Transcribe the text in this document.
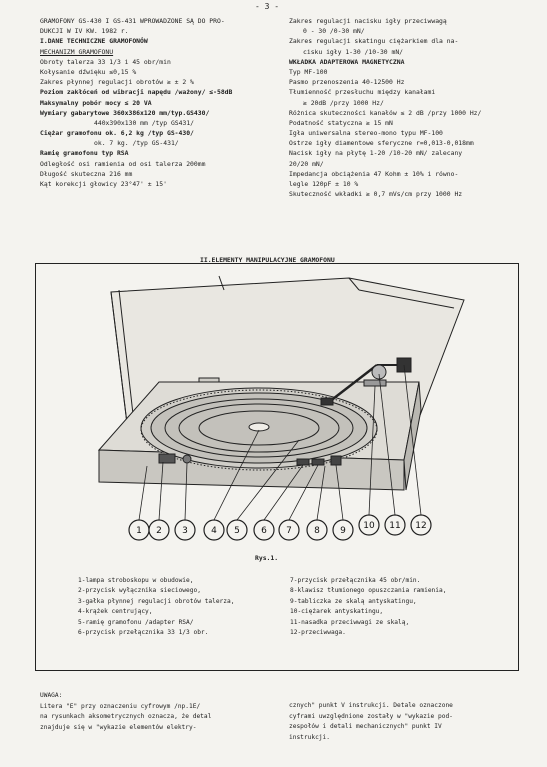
- 3 -
GRAMOFONY GS-430 I GS-431 WPROWADZONE SĄ DO PRO-
DUKCJI W IV KW. 1982 r.
I.DANE TECHNICZNE GRAMOFONÓW
MECHANIZM GRAMOFONU
Obroty talerza 33 1/3 i 45 obr/min
Kołysanie dźwięku ≤0,15 %
Zakres płynnej regulacji obrotów ≥ ± 2 %
Poziom zakłóceń od wibracji napędu /ważony/ ≤-58dB
Maksymalny pobór mocy ≤ 20 VA
Wymiary gabarytowe 360x386x120 mm/typ.GS430/
440x390x130 mm /typ GS431/
Ciężar gramofonu ok. 6,2 kg /typ GS-430/
ok. 7 kg. /typ GS-431/
Ramię gramofonu typ RSA
Odległość osi ramienia od osi talerza 200mm
Długość skuteczna 216 mm
Kąt korekcji głowicy 23°47' ± 15'
Zakres regulacji nacisku igły przeciwwagą
0 - 30 /0-30 mN/
Zakres regulacji skatingu ciężarkiem dla na-
cisku igły 1-30 /10-30 mN/
WKŁADKA ADAPTEROWA MAGNETYCZNA
Typ MF-100
Pasmo przenoszenia 40-12500 Hz
Tłumienność przesłuchu między kanałami
≥ 20dB /przy 1000 Hz/
Różnica skuteczności kanałów ≤ 2 dB /przy 1000 Hz/
Podatność statyczna ≥ 15 mN
Igła uniwersalna stereo-mono typu MF-100
Ostrze igły diamentowe sferyczne r=0,013-0,018mm
Nacisk igły na płytę 1-20 /10-20 mN/ zalecany
20/20 mN/
Impedancja obciążenia 47 Kohm ± 10% i równo-
legle 120pF ± 10 %
Skuteczność wkładki ≥ 0,7 mVs/cm przy 1000 Hz
II.ELEMENTY MANIPULACYJNE GRAMOFONU
1 2 3	4 5 6 7 8 9 10 11 12
Rys.1.
1-lampa stroboskopu w obudowie,
2-przycisk wyłącznika sieciowego,
3-gałka płynnej regulacji obrotów talerza,
4-krążek centrujący,
5-ramię gramofonu /adapter RSA/
6-przycisk przełącznika 33 1/3 obr.
7-przycisk przełącznika 45 obr/min.
8-klawisz tłumionego opuszczania ramienia,
9-tabliczka ze skalą antyskatingu,
10-ciężarek antyskatingu,
11-nasadka przeciwwagi ze skalą,
12-przeciwwaga.
UWAGA:
Litera "E" przy oznaczeniu cyfrowym /np.1E/
na rysunkach aksometrycznych oznacza, że detal
znajduje się w "wykazie elementów elektry-
cznych" punkt V instrukcji. Detale oznaczone
cyframi uwzględnione zostały w "wykazie pod-
zespołów i detali mechanicznych" punkt IV
instrukcji.
